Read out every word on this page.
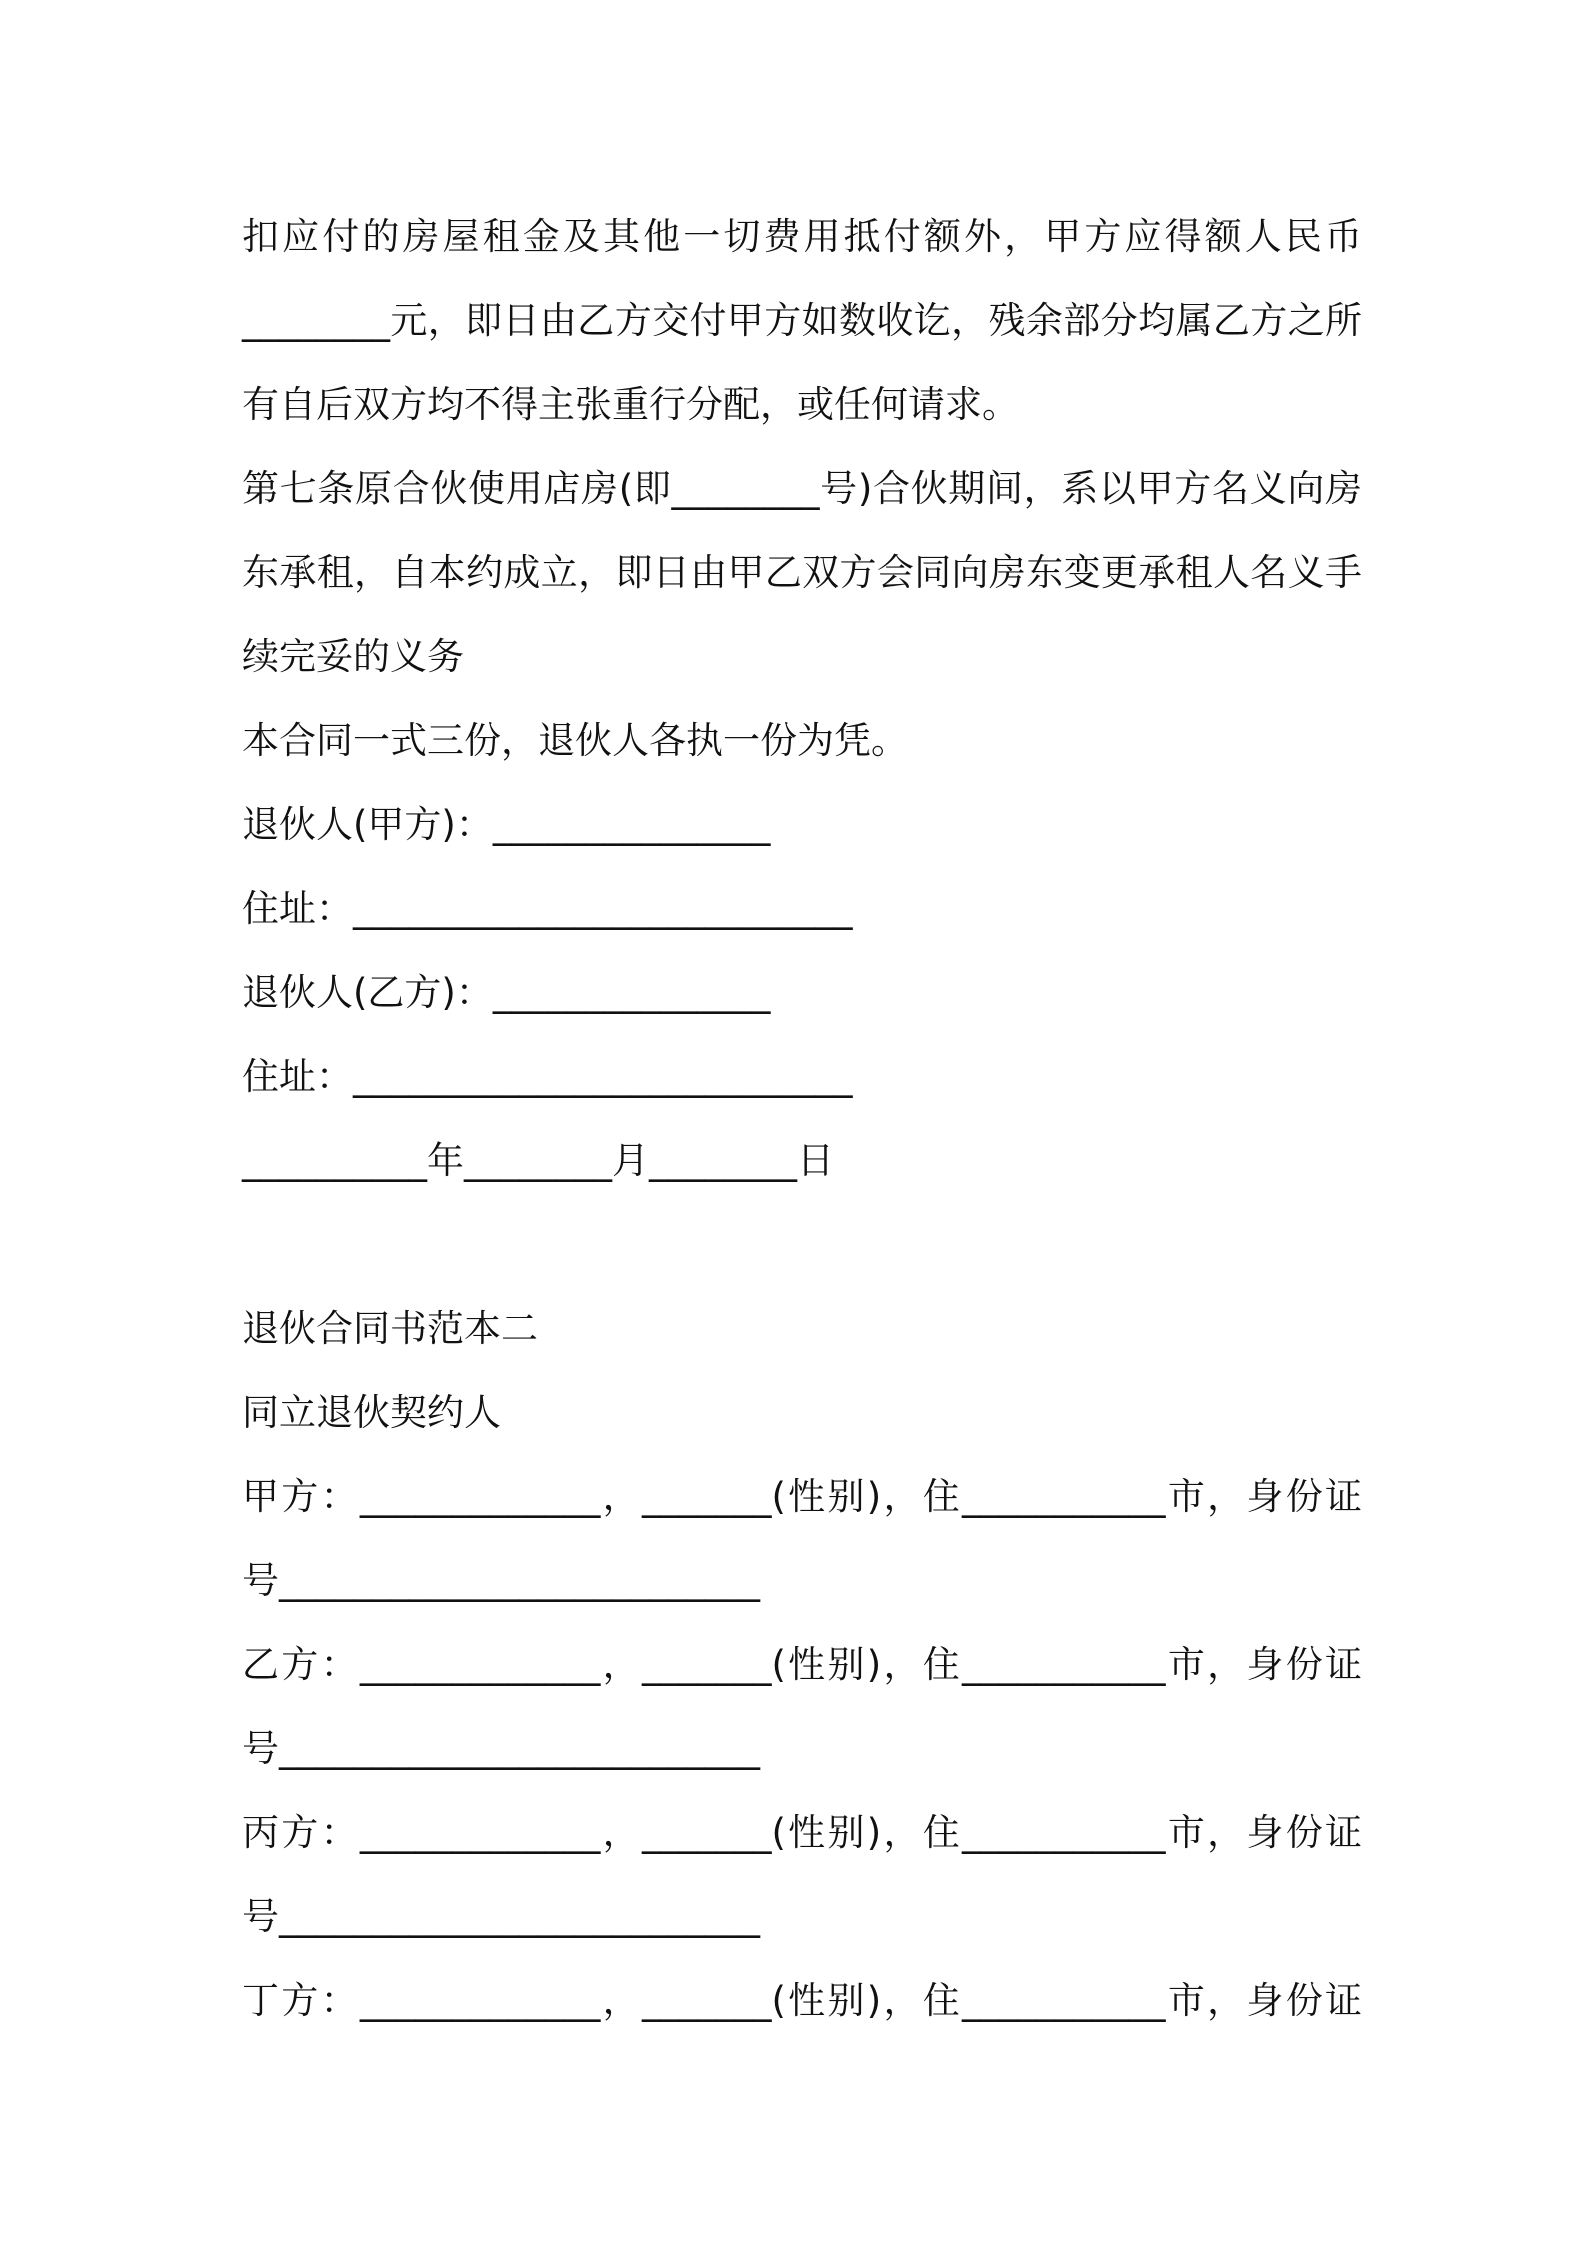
扣应付的房屋租金及其他一切费用抵付额外，甲方应得额人民币
________元，即日由乙方交付甲方如数收讫，残余部分均属乙方之所
有自后双方均不得主张重行分配，或任何请求。
第七条原合伙使用店房(即________号)合伙期间，系以甲方名义向房
东承租，自本约成立，即日由甲乙双方会同向房东变更承租人名义手
续完妥的义务
本合同一式三份，退伙人各执一份为凭。
退伙人(甲方)：_______________
住址：___________________________
退伙人(乙方)：_______________
住址：___________________________
__________年________月________日
退伙合同书范本二
同立退伙契约人
甲方：_____________，_______(性别)，住___________市，身份证
号__________________________
乙方：_____________，_______(性别)，住___________市，身份证
号__________________________
丙方：_____________，_______(性别)，住___________市，身份证
号__________________________
丁方：_____________，_______(性别)，住___________市，身份证
